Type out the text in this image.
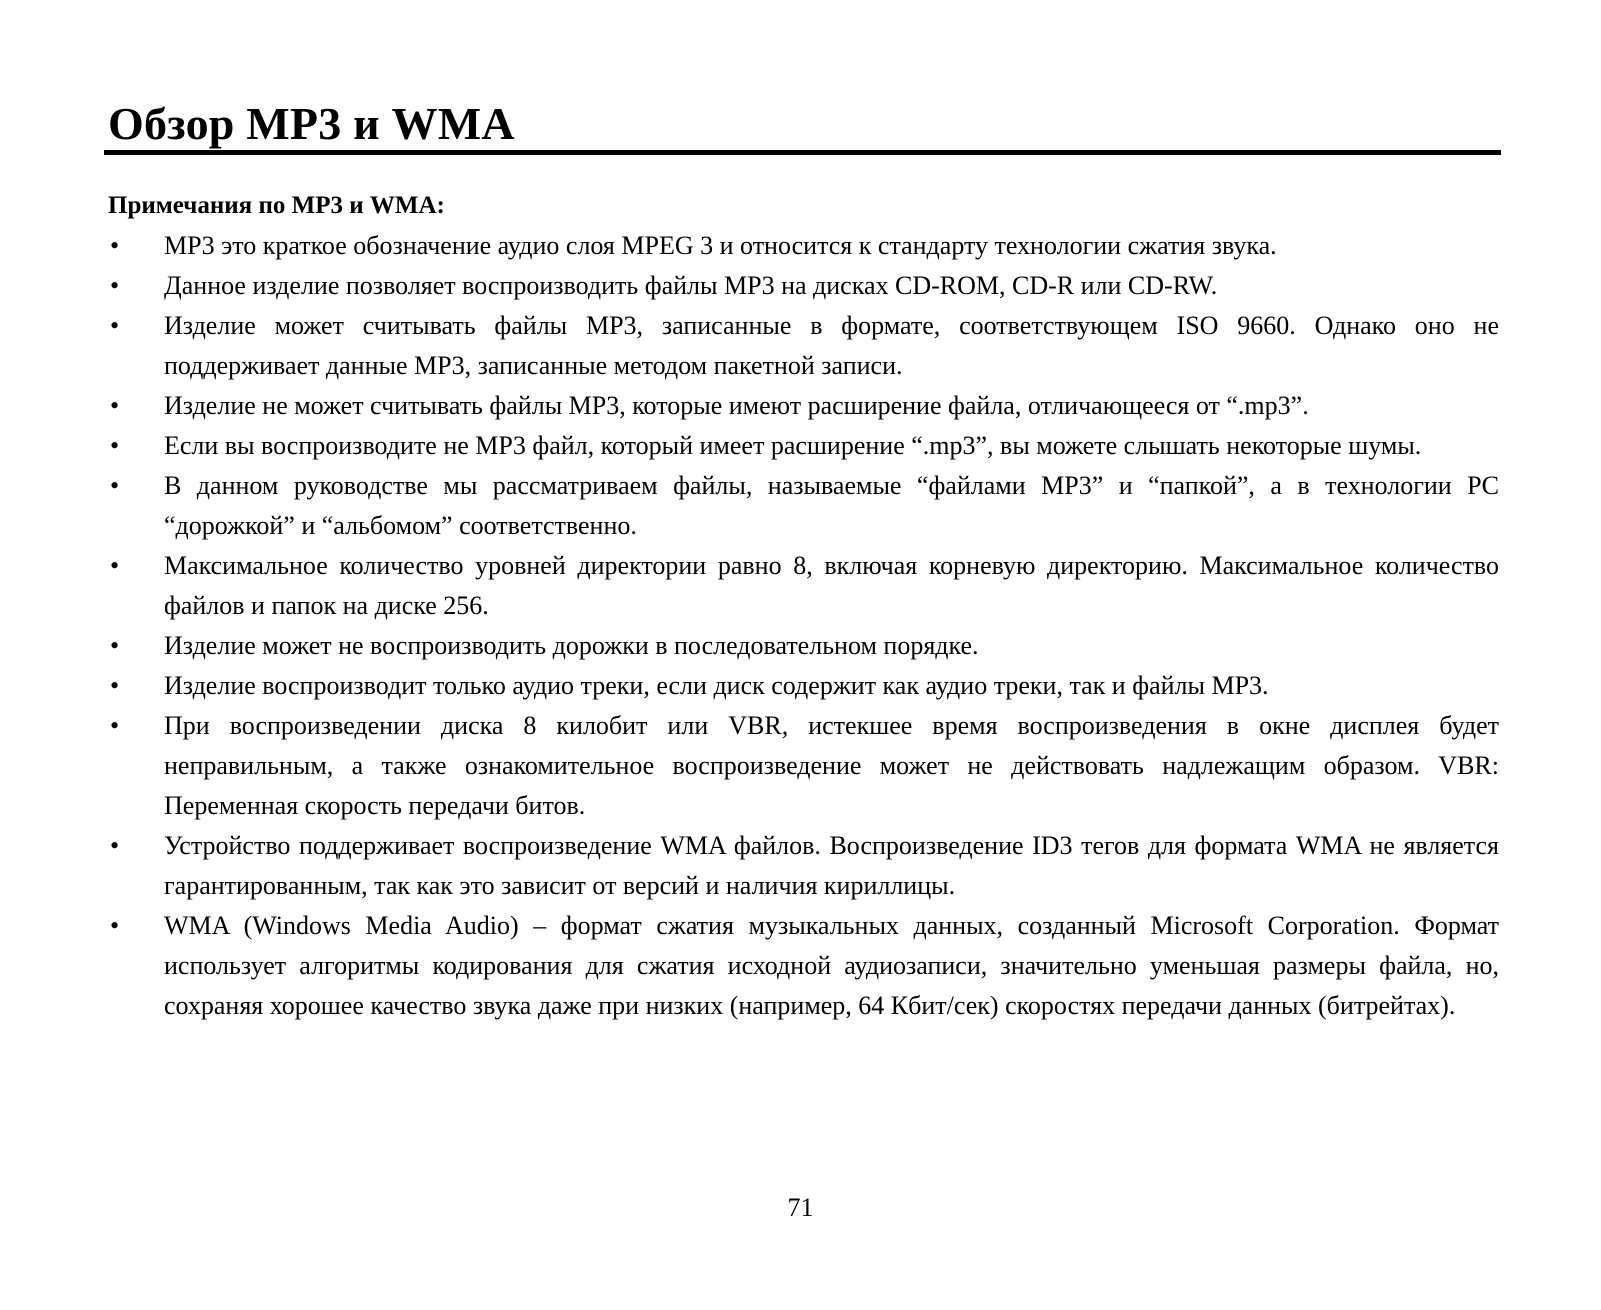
Обзор MP3 и WMA
Примечания по MP3 и WMA:
• MP3 это краткое обозначение аудио слоя MPEG 3 и относится к стандарту технологии сжатия звука.
• Данное изделие позволяет воспроизводить файлы MP3 на дисках CD-ROM, CD-R или CD-RW.
• Изделие может считывать файлы MP3, записанные в формате, соответствующем ISO 9660. Однако оно не поддерживает данные MP3, записанные методом пакетной записи.
• Изделие не может считывать файлы MP3, которые имеют расширение файла, отличающееся от “.mp3”.
• Если вы воспроизводите не MP3 файл, который имеет расширение “.mp3”, вы можете слышать некоторые шумы.
• В данном руководстве мы рассматриваем файлы, называемые “файлами MP3” и “папкой”, а в технологии PC “дорожкой” и “альбомом” соответственно.
• Максимальное количество уровней директории равно 8, включая корневую директорию. Максимальное количество файлов и папок на диске 256.
• Изделие может не воспроизводить дорожки в последовательном порядке.
• Изделие воспроизводит только аудио треки, если диск содержит как аудио треки, так и файлы MP3.
• При воспроизведении диска 8 килобит или VBR, истекшее время воспроизведения в окне дисплея будет неправильным, а также ознакомительное воспроизведение может не действовать надлежащим образом. VBR: Переменная скорость передачи битов.
• Устройство поддерживает воспроизведение WMA файлов. Воспроизведение ID3 тегов для формата WMA не является гарантированным, так как это зависит от версий и наличия кириллицы.
• WMA (Windows Media Audio) – формат сжатия музыкальных данных, созданный Microsoft Corporation. Формат использует алгоритмы кодирования для сжатия исходной аудиозаписи, значительно уменьшая размеры файла, но, сохраняя хорошее качество звука даже при низких (например, 64 Кбит/сек) скоростях передачи данных (битрейтах).
71
